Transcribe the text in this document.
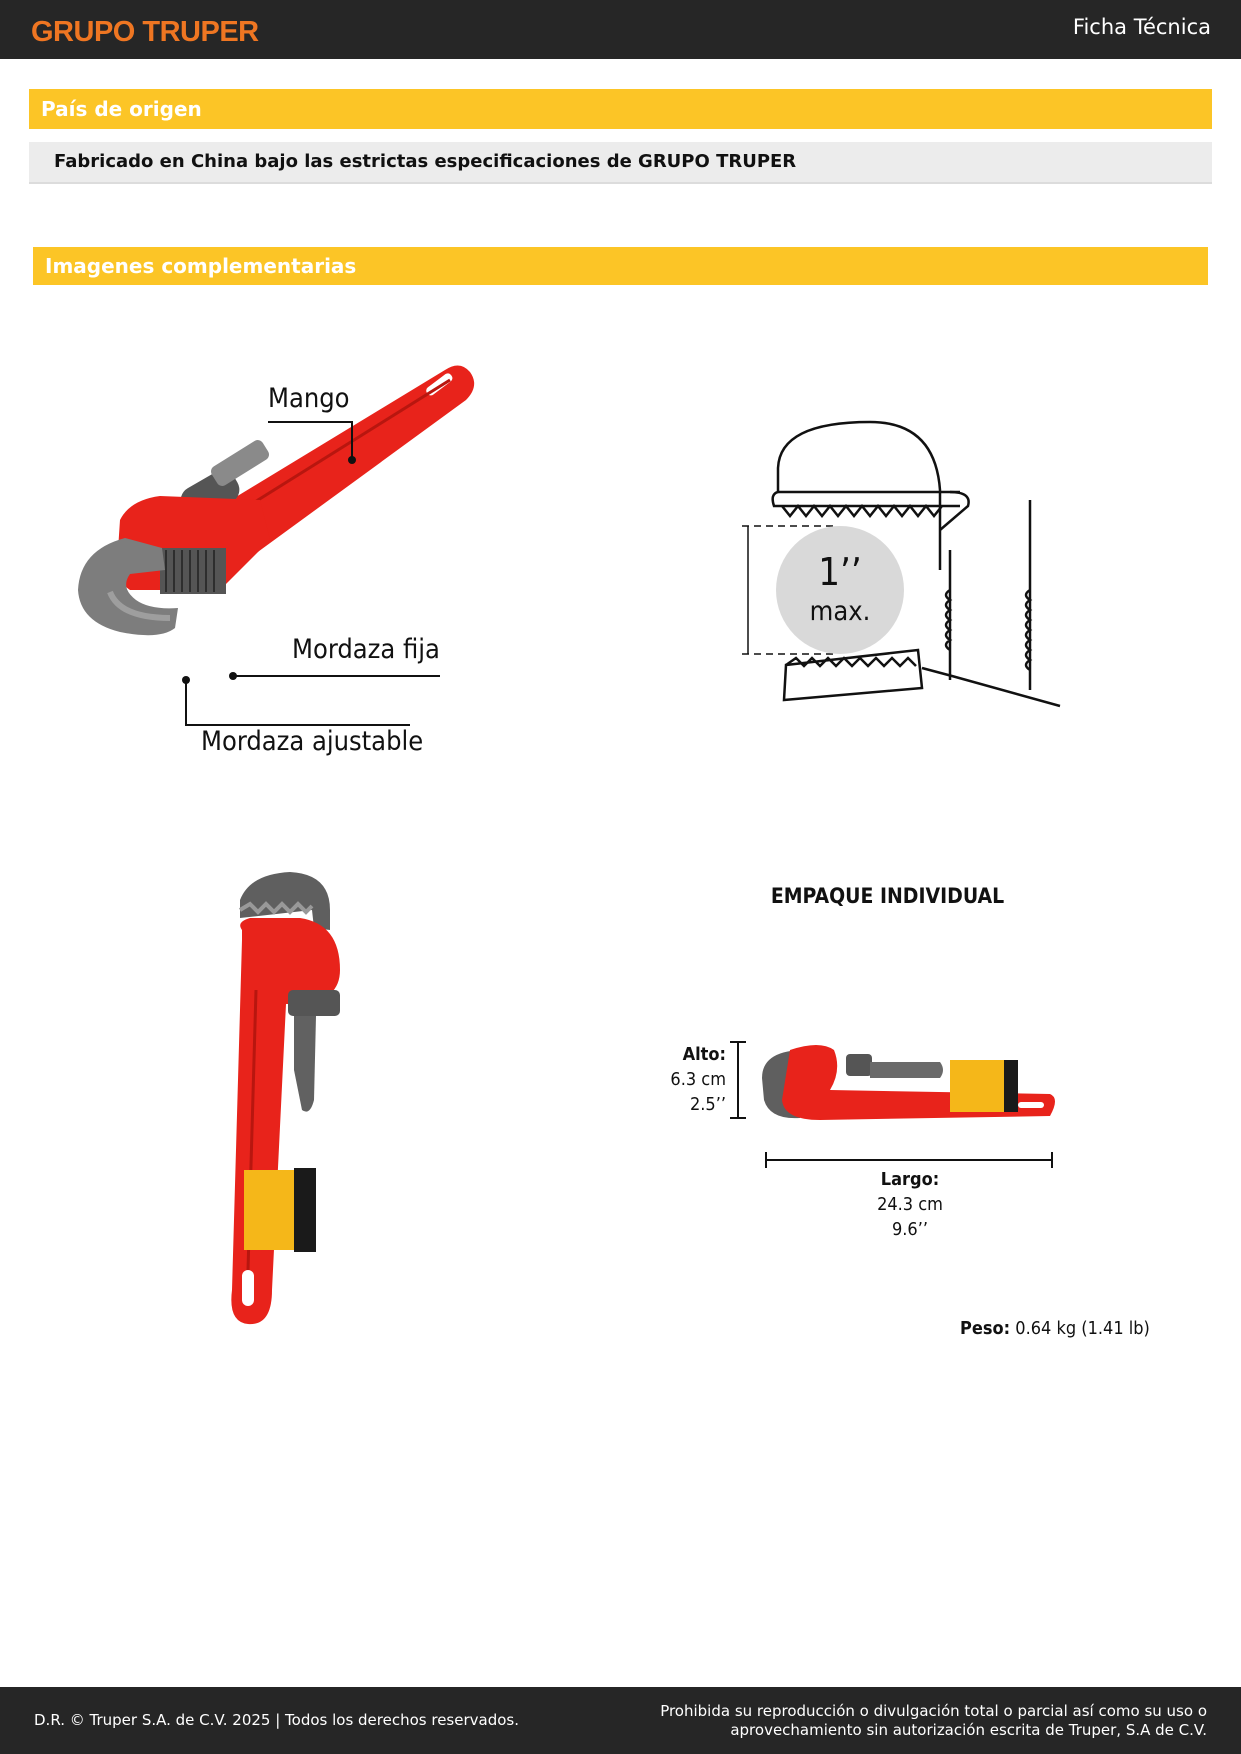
GRUPO TRUPER	Ficha Técnica
País de origen
Fabricado en China bajo las estrictas especificaciones de GRUPO TRUPER
Imagenes complementarias
Mango
Mordaza fija
Mordaza ajustable
1’’
max.
EMPAQUE INDIVIDUAL
Alto:
6.3 cm
2.5’’
Largo:
24.3 cm
9.6’’
Peso: 0.64 kg (1.41 lb)
D.R. © Truper S.A. de C.V. 2025 | Todos los derechos reservados.	Prohibida su reproducción o divulgación total o parcial así como su uso o
aprovechamiento sin autorización escrita de Truper, S.A de C.V.
